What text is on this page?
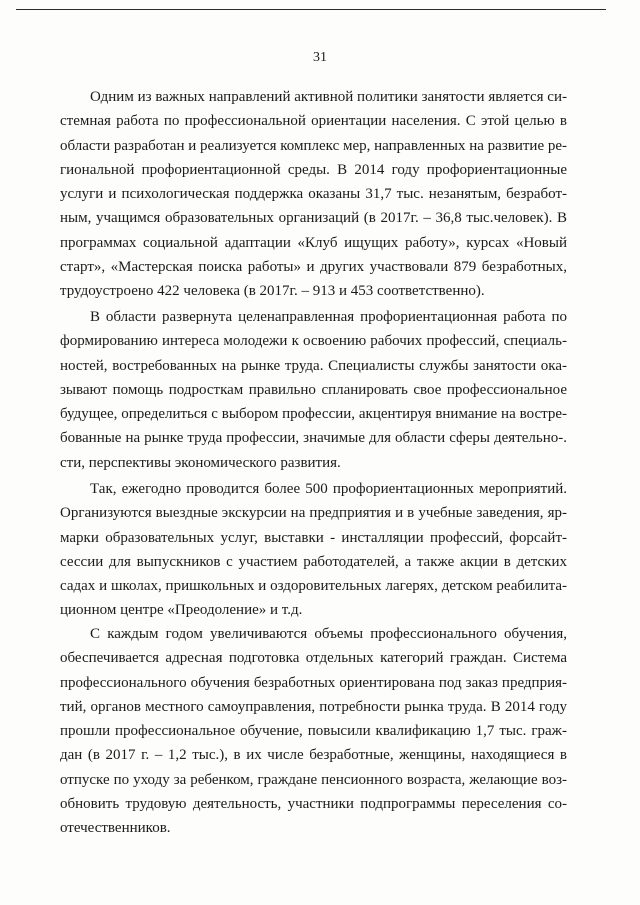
31
Одним из важных направлений активной политики занятости является си-
стемная работа по профессиональной ориентации населения. С этой целью в
области разработан и реализуется комплекс мер, направленных на развитие ре-
гиональной профориентационной среды. В 2014 году профориентационные
услуги и психологическая поддержка оказаны 31,7 тыс. незанятым, безработ-
ным, учащимся образовательных организаций (в 2017г. – 36,8 тыс.человек). В
программах социальной адаптации «Клуб ищущих работу», курсах «Новый
старт», «Мастерская поиска работы» и других участвовали 879 безработных,
трудоустроено 422 человека (в 2017г. – 913 и 453 соответственно).
В области развернута целенаправленная профориентационная работа по
формированию интереса молодежи к освоению рабочих профессий, специаль-
ностей, востребованных на рынке труда. Специалисты службы занятости ока-
зывают помощь подросткам правильно спланировать свое профессиональное
будущее, определиться с выбором профессии, акцентируя внимание на востре-
бованные на рынке труда профессии, значимые для области сферы деятельно-.
сти, перспективы экономического развития.
Так, ежегодно проводится более 500 профориентационных мероприятий.
Организуются выездные экскурсии на предприятия и в учебные заведения, яр-
марки образовательных услуг, выставки - инсталляции профессий, форсайт-
сессии для выпускников с участием работодателей, а также акции в детских
садах и школах, пришкольных и оздоровительных лагерях, детском реабилита-
ционном центре «Преодоление» и т.д.
С каждым годом увеличиваются объемы профессионального обучения,
обеспечивается адресная подготовка отдельных категорий граждан. Система
профессионального обучения безработных ориентирована под заказ предприя-
тий, органов местного самоуправления, потребности рынка труда. В 2014 году
прошли профессиональное обучение, повысили квалификацию 1,7 тыс. граж-
дан (в 2017 г. – 1,2 тыс.), в их числе безработные, женщины, находящиеся в
отпуске по уходу за ребенком, граждане пенсионного возраста, желающие воз-
обновить трудовую деятельность, участники подпрограммы переселения со-
отечественников.
